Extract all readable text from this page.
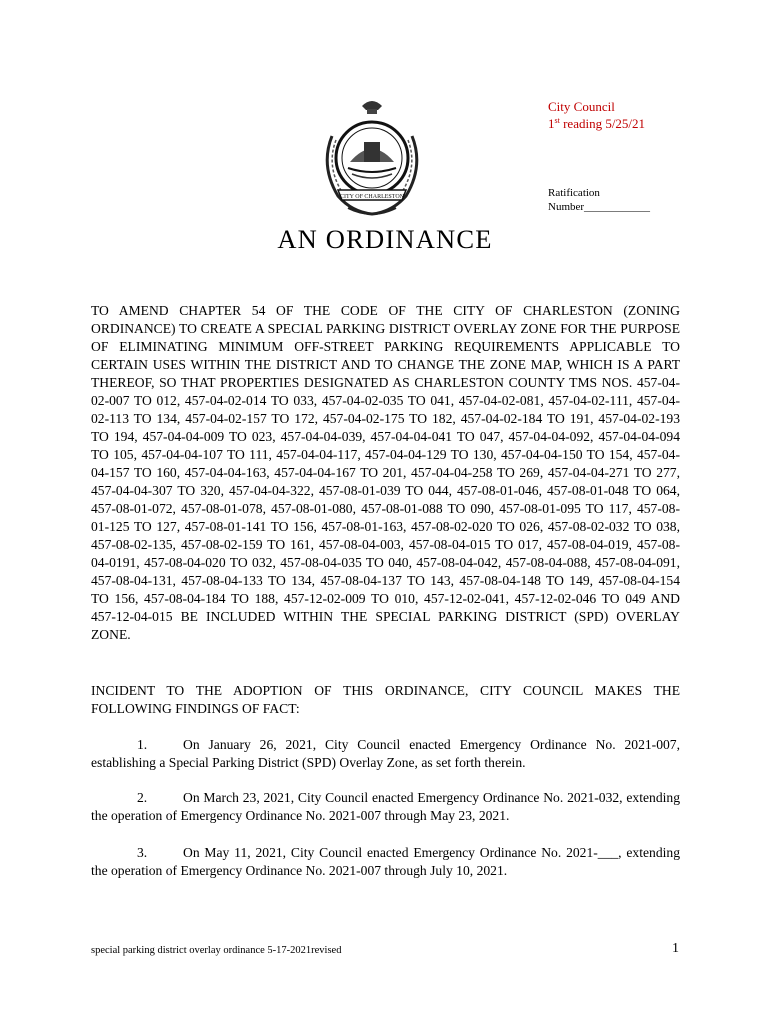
CITY OF CHARLESTON
City Council
1st reading 5/25/21
Ratification
Number____________
AN ORDINANCE

TO AMEND CHAPTER 54 OF THE CODE OF THE CITY OF CHARLESTON (ZONING ORDINANCE) TO CREATE A SPECIAL PARKING DISTRICT OVERLAY ZONE FOR THE PURPOSE OF ELIMINATING MINIMUM OFF-STREET PARKING REQUIREMENTS APPLICABLE TO CERTAIN USES WITHIN THE DISTRICT AND TO CHANGE THE ZONE MAP, WHICH IS A PART THEREOF, SO THAT PROPERTIES DESIGNATED AS CHARLESTON COUNTY TMS NOS. 457-04-02-007 TO 012, 457-04-02-014 TO 033, 457-04-02-035 TO 041, 457-04-02-081, 457-04-02-111, 457-04-02-113 TO 134, 457-04-02-157 TO 172, 457-04-02-175 TO 182, 457-04-02-184 TO 191, 457-04-02-193 TO 194, 457-04-04-009 TO 023, 457-04-04-039, 457-04-04-041 TO 047, 457-04-04-092, 457-04-04-094 TO 105, 457-04-04-107 TO 111, 457-04-04-117, 457-04-04-129 TO 130, 457-04-04-150 TO 154, 457-04-04-157 TO 160, 457-04-04-163, 457-04-04-167 TO 201, 457-04-04-258 TO 269, 457-04-04-271 TO 277, 457-04-04-307 TO 320, 457-04-04-322, 457-08-01-039 TO 044, 457-08-01-046, 457-08-01-048 TO 064, 457-08-01-072, 457-08-01-078, 457-08-01-080, 457-08-01-088 TO 090, 457-08-01-095 TO 117, 457-08-01-125 TO 127, 457-08-01-141 TO 156, 457-08-01-163, 457-08-02-020 TO 026, 457-08-02-032 TO 038, 457-08-02-135, 457-08-02-159 TO 161, 457-08-04-003, 457-08-04-015 TO 017, 457-08-04-019, 457-08-04-0191, 457-08-04-020 TO 032, 457-08-04-035 TO 040, 457-08-04-042, 457-08-04-088, 457-08-04-091, 457-08-04-131, 457-08-04-133 TO 134, 457-08-04-137 TO 143, 457-08-04-148 TO 149, 457-08-04-154 TO 156, 457-08-04-184 TO 188, 457-12-02-009 TO 010, 457-12-02-041, 457-12-02-046 TO 049 AND 457-12-04-015 BE INCLUDED WITHIN THE SPECIAL PARKING DISTRICT (SPD) OVERLAY ZONE.

INCIDENT TO THE ADOPTION OF THIS ORDINANCE, CITY COUNCIL MAKES THE FOLLOWING FINDINGS OF FACT:

1.	On January 26, 2021, City Council enacted Emergency Ordinance No. 2021-007, establishing a Special Parking District (SPD) Overlay Zone, as set forth therein.

2.	On March 23, 2021, City Council enacted Emergency Ordinance No. 2021-032, extending the operation of Emergency Ordinance No. 2021-007 through May 23, 2021.

3.	On May 11, 2021, City Council enacted Emergency Ordinance No. 2021-___, extending the operation of Emergency Ordinance No. 2021-007 through July 10, 2021.

special parking district overlay ordinance 5-17-2021revised	1
